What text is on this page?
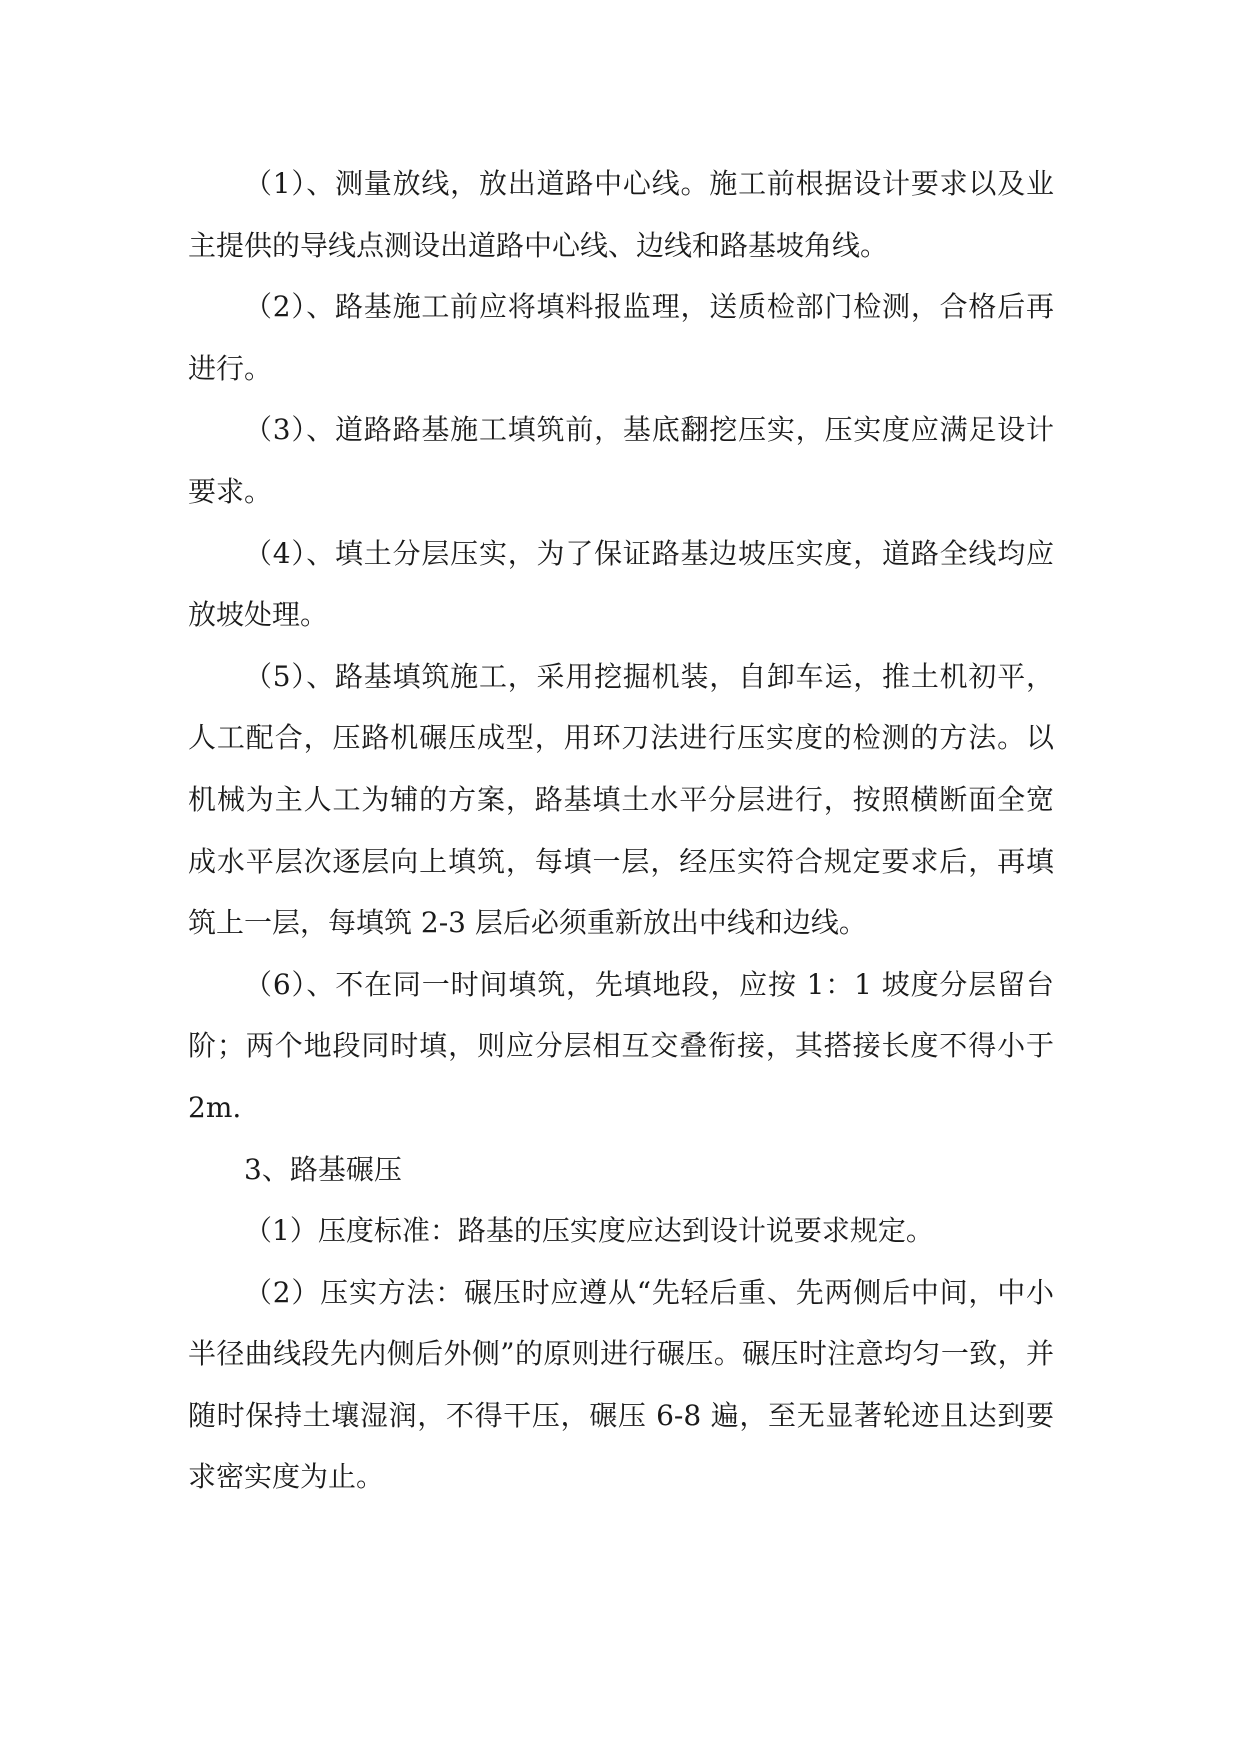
（1）、测量放线，放出道路中心线。施工前根据设计要求以及业主提供的导线点测设出道路中心线、边线和路基坡角线。

（2）、路基施工前应将填料报监理，送质检部门检测，合格后再进行。

（3）、道路路基施工填筑前，基底翻挖压实，压实度应满足设计要求。

（4）、填土分层压实，为了保证路基边坡压实度，道路全线均应放坡处理。

（5）、路基填筑施工，采用挖掘机装，自卸车运，推土机初平，人工配合，压路机碾压成型，用环刀法进行压实度的检测的方法。以机械为主人工为辅的方案，路基填土水平分层进行，按照横断面全宽成水平层次逐层向上填筑，每填一层，经压实符合规定要求后，再填筑上一层，每填筑 2-3 层后必须重新放出中线和边线。

（6）、不在同一时间填筑，先填地段，应按 1：1 坡度分层留台阶；两个地段同时填，则应分层相互交叠衔接，其搭接长度不得小于 2m.

3、路基碾压

（1）压度标准：路基的压实度应达到设计说要求规定。

（2）压实方法：碾压时应遵从“先轻后重、先两侧后中间，中小半径曲线段先内侧后外侧”的原则进行碾压。碾压时注意均匀一致，并随时保持土壤湿润，不得干压，碾压 6-8 遍，至无显著轮迹且达到要求密实度为止。
